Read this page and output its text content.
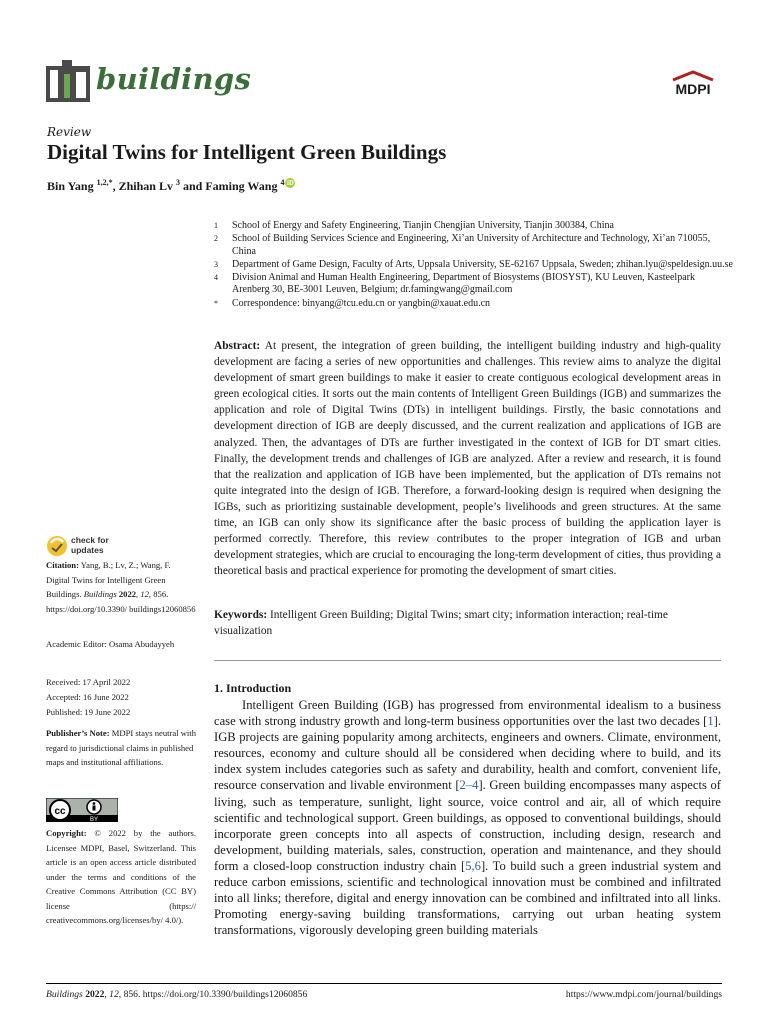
buildings	MDPI
Review
Digital Twins for Intelligent Green Buildings
Bin Yang $^{1,2,*}$, Zhihan Lv $^3$ and Faming Wang $^4$ iD
1	School of Energy and Safety Engineering, Tianjin Chengjian University, Tianjin 300384, China
2	School of Building Services Science and Engineering, Xi’an University of Architecture and Technology, Xi’an 710055, China
3	Department of Game Design, Faculty of Arts, Uppsala University, SE-62167 Uppsala, Sweden; zhihan.lyu@speldesign.uu.se
4	Division Animal and Human Health Engineering, Department of Biosystems (BIOSYST), KU Leuven, Kasteelpark Arenberg 30, BE-3001 Leuven, Belgium; dr.famingwang@gmail.com
*	Correspondence: binyang@tcu.edu.cn or yangbin@xauat.edu.cn
Abstract: At present, the integration of green building, the intelligent building industry and high-quality development are facing a series of new opportunities and challenges. This review aims to analyze the digital development of smart green buildings to make it easier to create contiguous ecological development areas in green ecological cities. It sorts out the main contents of Intelligent Green Buildings (IGB) and summarizes the application and role of Digital Twins (DTs) in intelligent buildings. Firstly, the basic connotations and development direction of IGB are deeply discussed, and the current realization and applications of IGB are analyzed. Then, the advantages of DTs are further investigated in the context of IGB for DT smart cities. Finally, the development trends and challenges of IGB are analyzed. After a review and research, it is found that the realization and application of IGB have been implemented, but the application of DTs remains not quite integrated into the design of IGB. Therefore, a forward-looking design is required when designing the IGBs, such as prioritizing sustainable development, people’s livelihoods and green structures. At the same time, an IGB can only show its significance after the basic process of building the application layer is performed correctly. Therefore, this review contributes to the proper integration of IGB and urban development strategies, which are crucial to encouraging the long-term development of cities, thus providing a theoretical basis and practical experience for promoting the development of smart cities.
Keywords: Intelligent Green Building; Digital Twins; smart city; information interaction; real-time visualization
1. Introduction
Intelligent Green Building (IGB) has progressed from environmental idealism to a business case with strong industry growth and long-term business opportunities over the last two decades [1]. IGB projects are gaining popularity among architects, engineers and owners. Climate, environment, resources, economy and culture should all be considered when deciding where to build, and its index system includes categories such as safety and durability, health and comfort, convenient life, resource conservation and livable environment [2–4]. Green building encompasses many aspects of living, such as temperature, sunlight, light source, voice control and air, all of which require scientific and technological support. Green buildings, as opposed to conventional buildings, should incorporate green concepts into all aspects of construction, including design, research and development, building materials, sales, construction, operation and maintenance, and they should form a closed-loop construction industry chain [5,6]. To build such a green industrial system and reduce carbon emissions, scientific and technological innovation must be combined and infiltrated into all links; therefore, digital and energy innovation can be combined and infiltrated into all links. Promoting energy-saving building transformations, carrying out urban heating system transformations, vigorously developing green building materials
check for
updates
Citation: Yang, B.; Lv, Z.; Wang, F. Digital Twins for Intelligent Green Buildings. Buildings 2022, 12, 856. https://doi.org/10.3390/ buildings12060856
Academic Editor: Osama Abudayyeh
Received: 17 April 2022
Accepted: 16 June 2022
Published: 19 June 2022
Publisher’s Note: MDPI stays neutral with regard to jurisdictional claims in published maps and institutional affiliations.
cc
BY
Copyright: © 2022 by the authors. Licensee MDPI, Basel, Switzerland. This article is an open access article distributed under the terms and conditions of the Creative Commons Attribution (CC BY) license (https:// creativecommons.org/licenses/by/ 4.0/).
Buildings 2022, 12, 856. https://doi.org/10.3390/buildings12060856	https://www.mdpi.com/journal/buildings
